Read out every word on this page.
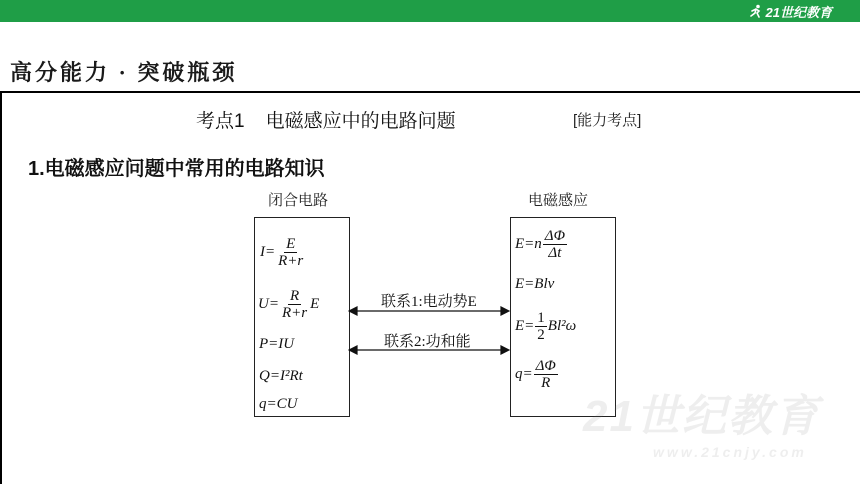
21世纪教育
高分能力 · 突破瓶颈
考点1    电磁感应中的电路问题	[能力考点]
1.电磁感应问题中常用的电路知识
闭合电路	电磁感应
$I= \frac{E}{R+r}$
$U= \frac{R}{R+r}$ E
P=IU
Q=I²Rt
q=CU
$E=n \frac{\Delta\Phi}{\Delta t}$
E=Blv
$E= \frac{1}{2} Bl^2\omega$
$q= \frac{\Delta\Phi}{R}$
联系1:电动势E
联系2:功和能
21世纪教育
www.21cnjy.com
